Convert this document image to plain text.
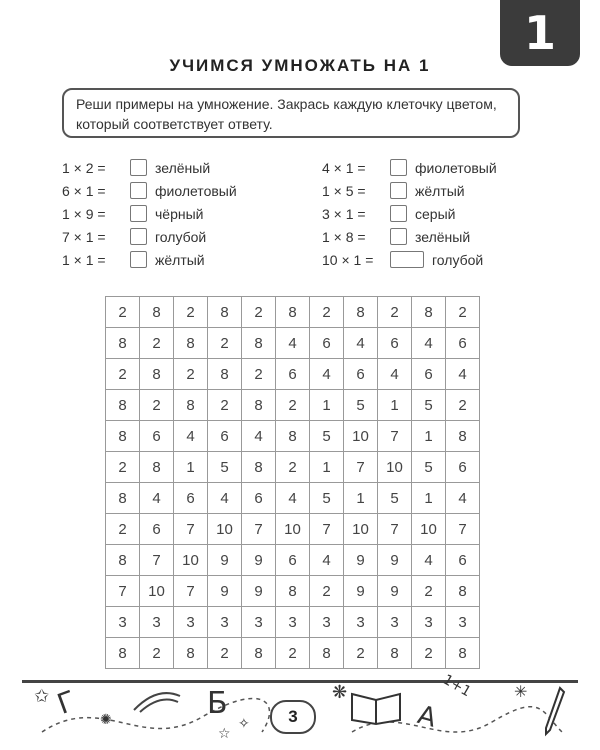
1
УЧИМСЯ УМНОЖАТЬ НА 1
Реши примеры на умножение. Закрась каждую клеточку цветом, который соответствует ответу.
1 × 2 =	зелёный
6 × 1 =	фиолетовый
1 × 9 =	чёрный
7 × 1 =	голубой
1 × 1 =	жёлтый
4 × 1 =	фиолетовый
1 × 5 =	жёлтый
3 × 1 =	серый
1 × 8 =	зелёный
10 × 1 =	голубой
2	8	2	8	2	8	2	8	2	8	2
8	2	8	2	8	4	6	4	6	4	6
2	8	2	8	2	6	4	6	4	6	4
8	2	8	2	8	2	1	5	1	5	2
8	6	4	6	4	8	5	10	7	1	8
2	8	1	5	8	2	1	7	10	5	6
8	4	6	4	6	4	5	1	5	1	4
2	6	7	10	7	10	7	10	7	10	7
8	7	10	9	9	6	4	9	9	4	6
7	10	7	9	9	8	2	9	9	2	8
3	3	3	3	3	3	3	3	3	3	3
8	2	8	2	8	2	8	2	8	2	8
✩
✺
Г	Б
✧
☆
❋
А
1+1	✳
3
